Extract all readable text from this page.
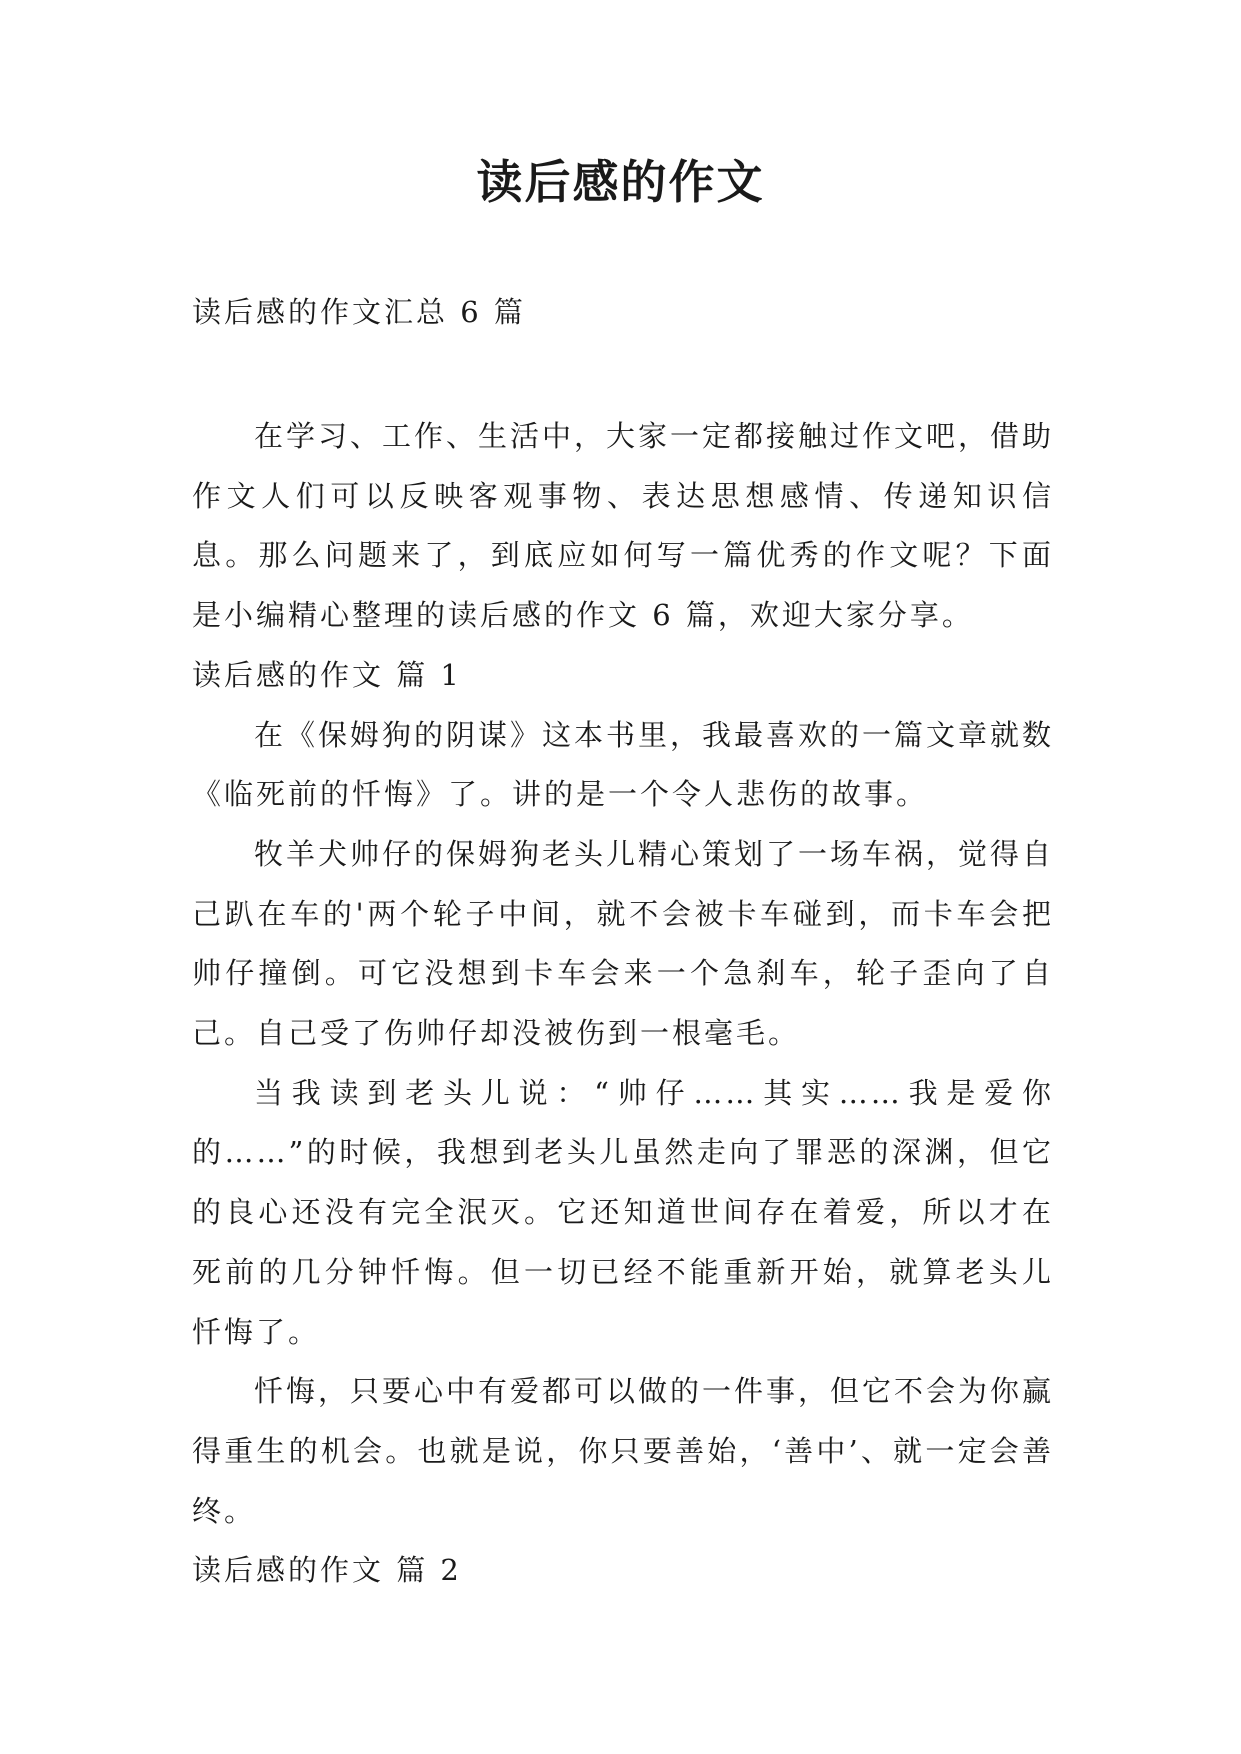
读后感的作文
读后感的作文汇总 6 篇

在学习、工作、生活中，大家一定都接触过作文吧，借助作文人们可以反映客观事物、表达思想感情、传递知识信息。那么问题来了，到底应如何写一篇优秀的作文呢？下面是小编精心整理的读后感的作文 6 篇，欢迎大家分享。

读后感的作文 篇 1

在《保姆狗的阴谋》这本书里，我最喜欢的一篇文章就数《临死前的忏悔》了。讲的是一个令人悲伤的故事。

牧羊犬帅仔的保姆狗老头儿精心策划了一场车祸，觉得自己趴在车的'两个轮子中间，就不会被卡车碰到，而卡车会把帅仔撞倒。可它没想到卡车会来一个急刹车，轮子歪向了自己。自己受了伤帅仔却没被伤到一根毫毛。

当我读到老头儿说：“帅仔……其实……我是爱你的……”的时候，我想到老头儿虽然走向了罪恶的深渊，但它的良心还没有完全泯灭。它还知道世间存在着爱，所以才在死前的几分钟忏悔。但一切已经不能重新开始，就算老头儿忏悔了。

忏悔，只要心中有爱都可以做的一件事，但它不会为你赢得重生的机会。也就是说，你只要善始，‘善中’、就一定会善终。

读后感的作文 篇 2
